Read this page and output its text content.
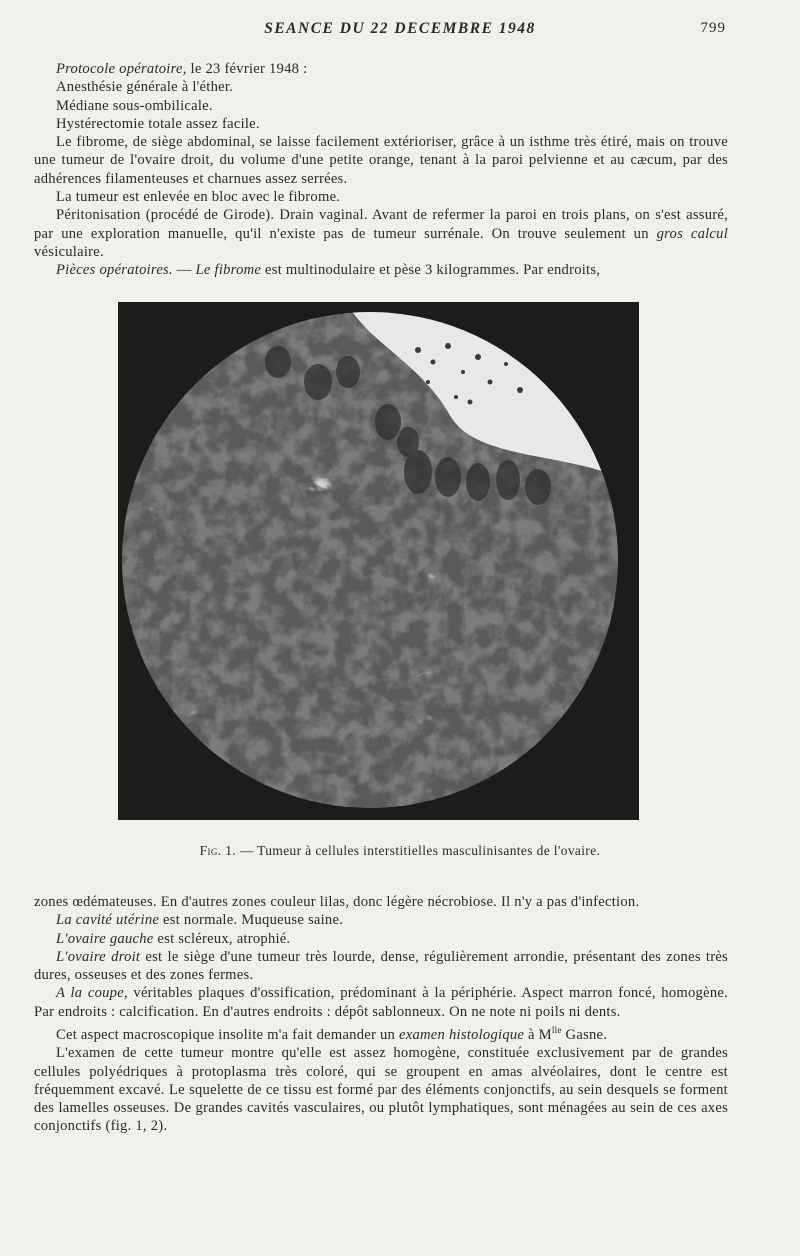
SEANCE DU 22 DECEMBRE 1948	799

Protocole opératoire, le 23 février 1948 :

Anesthésie générale à l'éther.

Médiane sous-ombilicale.

Hystérectomie totale assez facile.

Le fibrome, de siège abdominal, se laisse facilement extérioriser, grâce à un isthme très étiré, mais on trouve une tumeur de l'ovaire droit, du volume d'une petite orange, tenant à la paroi pelvienne et au cæcum, par des adhérences filamenteuses et charnues assez serrées.

La tumeur est enlevée en bloc avec le fibrome.

Péritonisation (procédé de Girode). Drain vaginal. Avant de refermer la paroi en trois plans, on s'est assuré, par une exploration manuelle, qu'il n'existe pas de tumeur surrénale. On trouve seulement un gros calcul vésiculaire.

Pièces opératoires. — Le fibrome est multinodulaire et pèse 3 kilogrammes. Par endroits,

Fig. 1. — Tumeur à cellules interstitielles masculinisantes de l'ovaire.

zones œdémateuses. En d'autres zones couleur lilas, donc légère nécrobiose. Il n'y a pas d'infection.

La cavité utérine est normale. Muqueuse saine.

L'ovaire gauche est scléreux, atrophié.

L'ovaire droit est le siège d'une tumeur très lourde, dense, régulièrement arrondie, présentant des zones très dures, osseuses et des zones fermes.

A la coupe, véritables plaques d'ossification, prédominant à la périphérie. Aspect marron foncé, homogène. Par endroits : calcification. En d'autres endroits : dépôt sablonneux. On ne note ni poils ni dents.

Cet aspect macroscopique insolite m'a fait demander un examen histologique à $M^{lle}$ Gasne.

L'examen de cette tumeur montre qu'elle est assez homogène, constituée exclusivement par de grandes cellules polyédriques à protoplasma très coloré, qui se groupent en amas alvéolaires, dont le centre est fréquemment excavé. Le squelette de ce tissu est formé par des éléments conjonctifs, au sein desquels se forment des lamelles osseuses. De grandes cavités vasculaires, ou plutôt lymphatiques, sont ménagées au sein de ces axes conjonctifs (fig. 1, 2).
